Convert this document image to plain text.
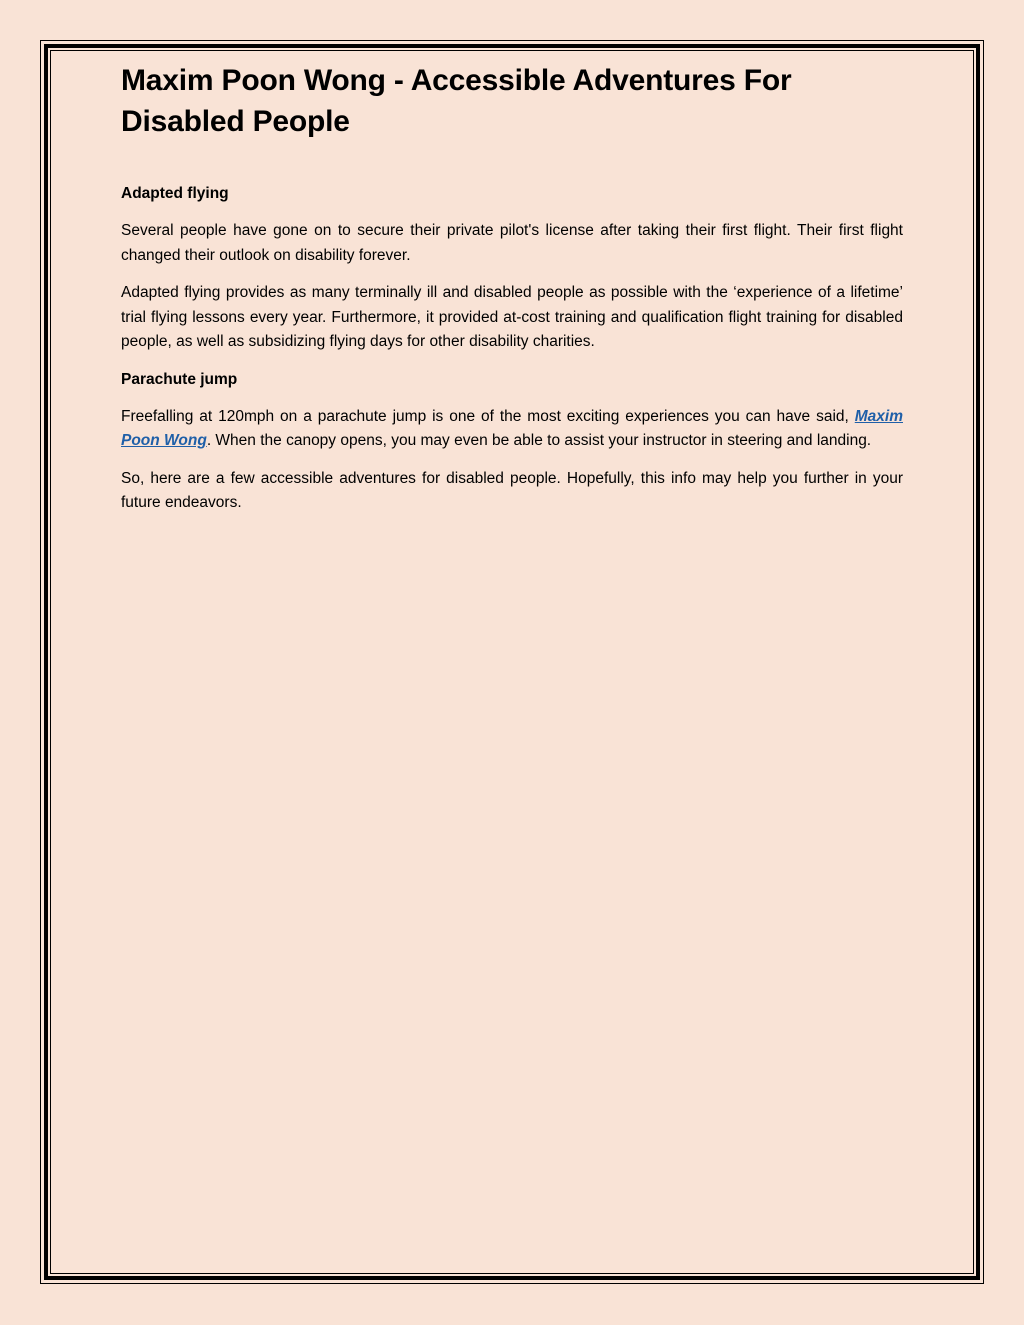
Maxim Poon Wong - Accessible Adventures For Disabled People
Adapted flying

Several people have gone on to secure their private pilot's license after taking their first flight. Their first flight changed their outlook on disability forever.

Adapted flying provides as many terminally ill and disabled people as possible with the ‘experience of a lifetime’ trial flying lessons every year. Furthermore, it provided at-cost training and qualification flight training for disabled people, as well as subsidizing flying days for other disability charities.

Parachute jump

Freefalling at 120mph on a parachute jump is one of the most exciting experiences you can have said, Maxim Poon Wong. When the canopy opens, you may even be able to assist your instructor in steering and landing.

So, here are a few accessible adventures for disabled people. Hopefully, this info may help you further in your future endeavors.
